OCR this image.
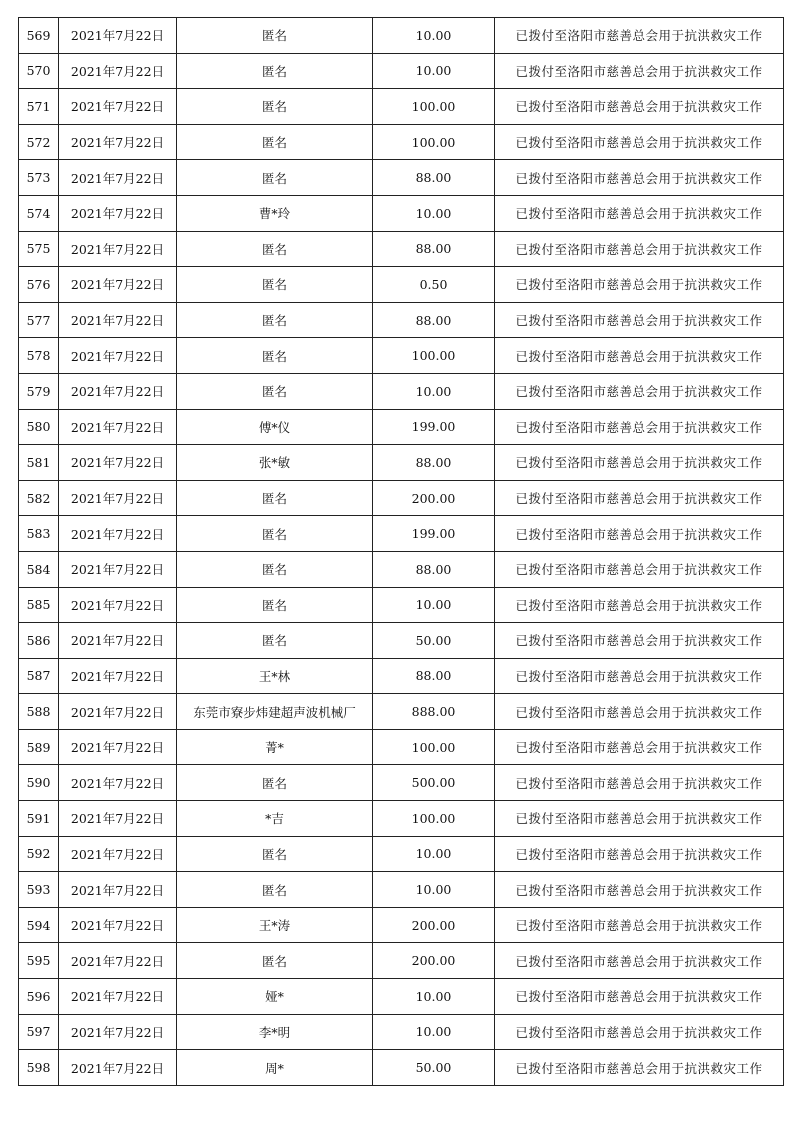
569	2021年7月22日	匿名	10.00	已拨付至洛阳市慈善总会用于抗洪救灾工作
570	2021年7月22日	匿名	10.00	已拨付至洛阳市慈善总会用于抗洪救灾工作
571	2021年7月22日	匿名	100.00	已拨付至洛阳市慈善总会用于抗洪救灾工作
572	2021年7月22日	匿名	100.00	已拨付至洛阳市慈善总会用于抗洪救灾工作
573	2021年7月22日	匿名	88.00	已拨付至洛阳市慈善总会用于抗洪救灾工作
574	2021年7月22日	曹*玲	10.00	已拨付至洛阳市慈善总会用于抗洪救灾工作
575	2021年7月22日	匿名	88.00	已拨付至洛阳市慈善总会用于抗洪救灾工作
576	2021年7月22日	匿名	0.50	已拨付至洛阳市慈善总会用于抗洪救灾工作
577	2021年7月22日	匿名	88.00	已拨付至洛阳市慈善总会用于抗洪救灾工作
578	2021年7月22日	匿名	100.00	已拨付至洛阳市慈善总会用于抗洪救灾工作
579	2021年7月22日	匿名	10.00	已拨付至洛阳市慈善总会用于抗洪救灾工作
580	2021年7月22日	傅*仪	199.00	已拨付至洛阳市慈善总会用于抗洪救灾工作
581	2021年7月22日	张*敏	88.00	已拨付至洛阳市慈善总会用于抗洪救灾工作
582	2021年7月22日	匿名	200.00	已拨付至洛阳市慈善总会用于抗洪救灾工作
583	2021年7月22日	匿名	199.00	已拨付至洛阳市慈善总会用于抗洪救灾工作
584	2021年7月22日	匿名	88.00	已拨付至洛阳市慈善总会用于抗洪救灾工作
585	2021年7月22日	匿名	10.00	已拨付至洛阳市慈善总会用于抗洪救灾工作
586	2021年7月22日	匿名	50.00	已拨付至洛阳市慈善总会用于抗洪救灾工作
587	2021年7月22日	王*林	88.00	已拨付至洛阳市慈善总会用于抗洪救灾工作
588	2021年7月22日	东莞市寮步炜建超声波机械厂	888.00	已拨付至洛阳市慈善总会用于抗洪救灾工作
589	2021年7月22日	菁*	100.00	已拨付至洛阳市慈善总会用于抗洪救灾工作
590	2021年7月22日	匿名	500.00	已拨付至洛阳市慈善总会用于抗洪救灾工作
591	2021年7月22日	*吉	100.00	已拨付至洛阳市慈善总会用于抗洪救灾工作
592	2021年7月22日	匿名	10.00	已拨付至洛阳市慈善总会用于抗洪救灾工作
593	2021年7月22日	匿名	10.00	已拨付至洛阳市慈善总会用于抗洪救灾工作
594	2021年7月22日	王*涛	200.00	已拨付至洛阳市慈善总会用于抗洪救灾工作
595	2021年7月22日	匿名	200.00	已拨付至洛阳市慈善总会用于抗洪救灾工作
596	2021年7月22日	娅*	10.00	已拨付至洛阳市慈善总会用于抗洪救灾工作
597	2021年7月22日	李*明	10.00	已拨付至洛阳市慈善总会用于抗洪救灾工作
598	2021年7月22日	周*	50.00	已拨付至洛阳市慈善总会用于抗洪救灾工作
